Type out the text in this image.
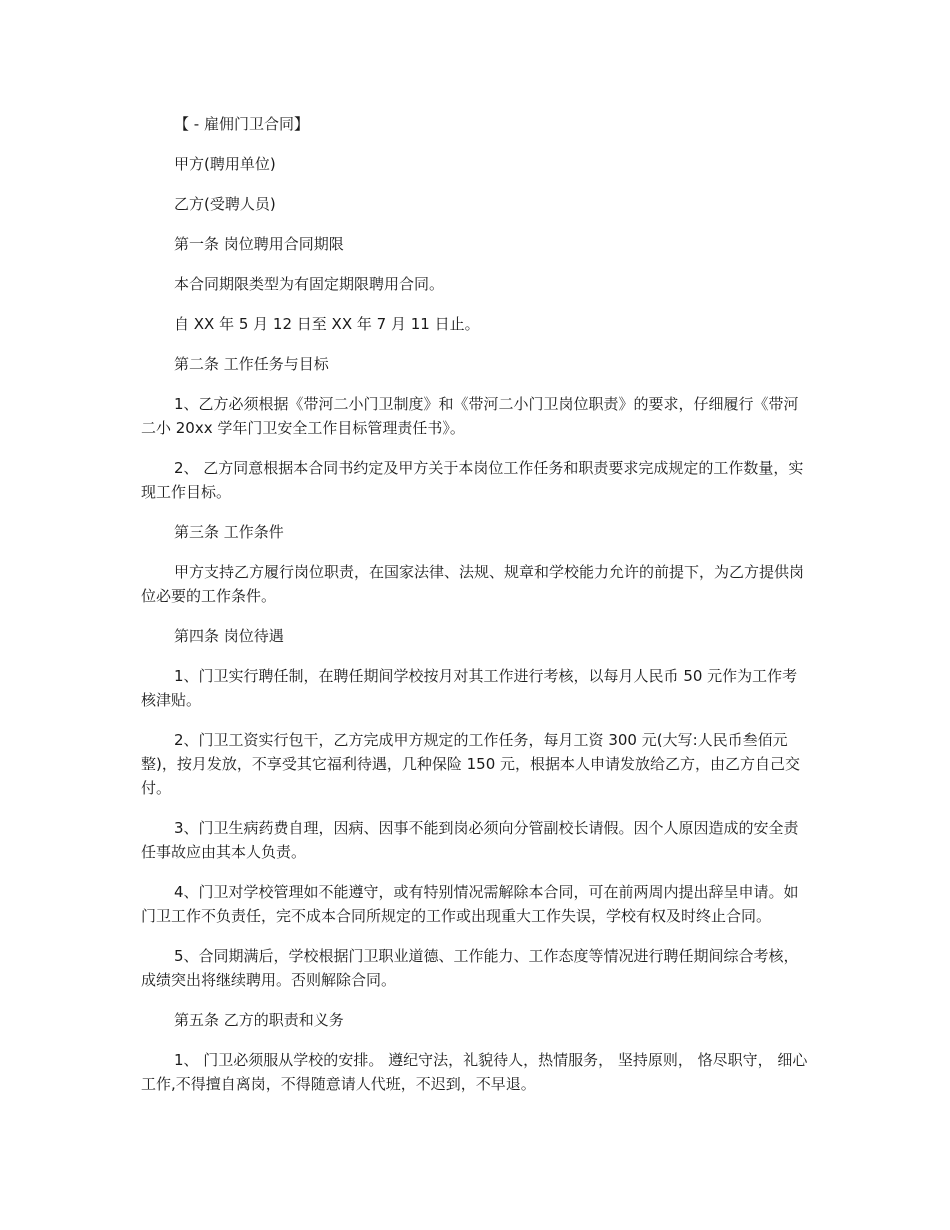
【 - 雇佣门卫合同】

甲方(聘用单位)

乙方(受聘人员)

第一条 岗位聘用合同期限

本合同期限类型为有固定期限聘用合同。

自 XX 年 5 月 12 日至 XX 年 7 月 11 日止。

第二条 工作任务与目标

1、乙方必须根据《带河二小门卫制度》和《带河二小门卫岗位职责》的要求，仔细履行《带河二小 20xx 学年门卫安全工作目标管理责任书》。

2、 乙方同意根据本合同书约定及甲方关于本岗位工作任务和职责要求完成规定的工作数量，实现工作目标。

第三条 工作条件

甲方支持乙方履行岗位职责，在国家法律、法规、规章和学校能力允许的前提下，为乙方提供岗位必要的工作条件。

第四条 岗位待遇

1、门卫实行聘任制，在聘任期间学校按月对其工作进行考核，以每月人民币 50 元作为工作考核津贴。

2、门卫工资实行包干，乙方完成甲方规定的工作任务，每月工资 300 元(大写:人民币叁佰元整)，按月发放，不享受其它福利待遇，几种保险 150 元，根据本人申请发放给乙方，由乙方自己交付。

3、门卫生病药费自理，因病、因事不能到岗必须向分管副校长请假。因个人原因造成的安全责任事故应由其本人负责。

4、门卫对学校管理如不能遵守，或有特别情况需解除本合同，可在前两周内提出辞呈申请。如门卫工作不负责任，完不成本合同所规定的工作或出现重大工作失误，学校有权及时终止合同。

5、合同期满后，学校根据门卫职业道德、工作能力、工作态度等情况进行聘任期间综合考核，成绩突出将继续聘用。否则解除合同。

第五条 乙方的职责和义务

1、 门卫必须服从学校的安排。 遵纪守法，礼貌待人，热情服务， 坚持原则， 恪尽职守， 细心工作,不得擅自离岗，不得随意请人代班，不迟到，不早退。
